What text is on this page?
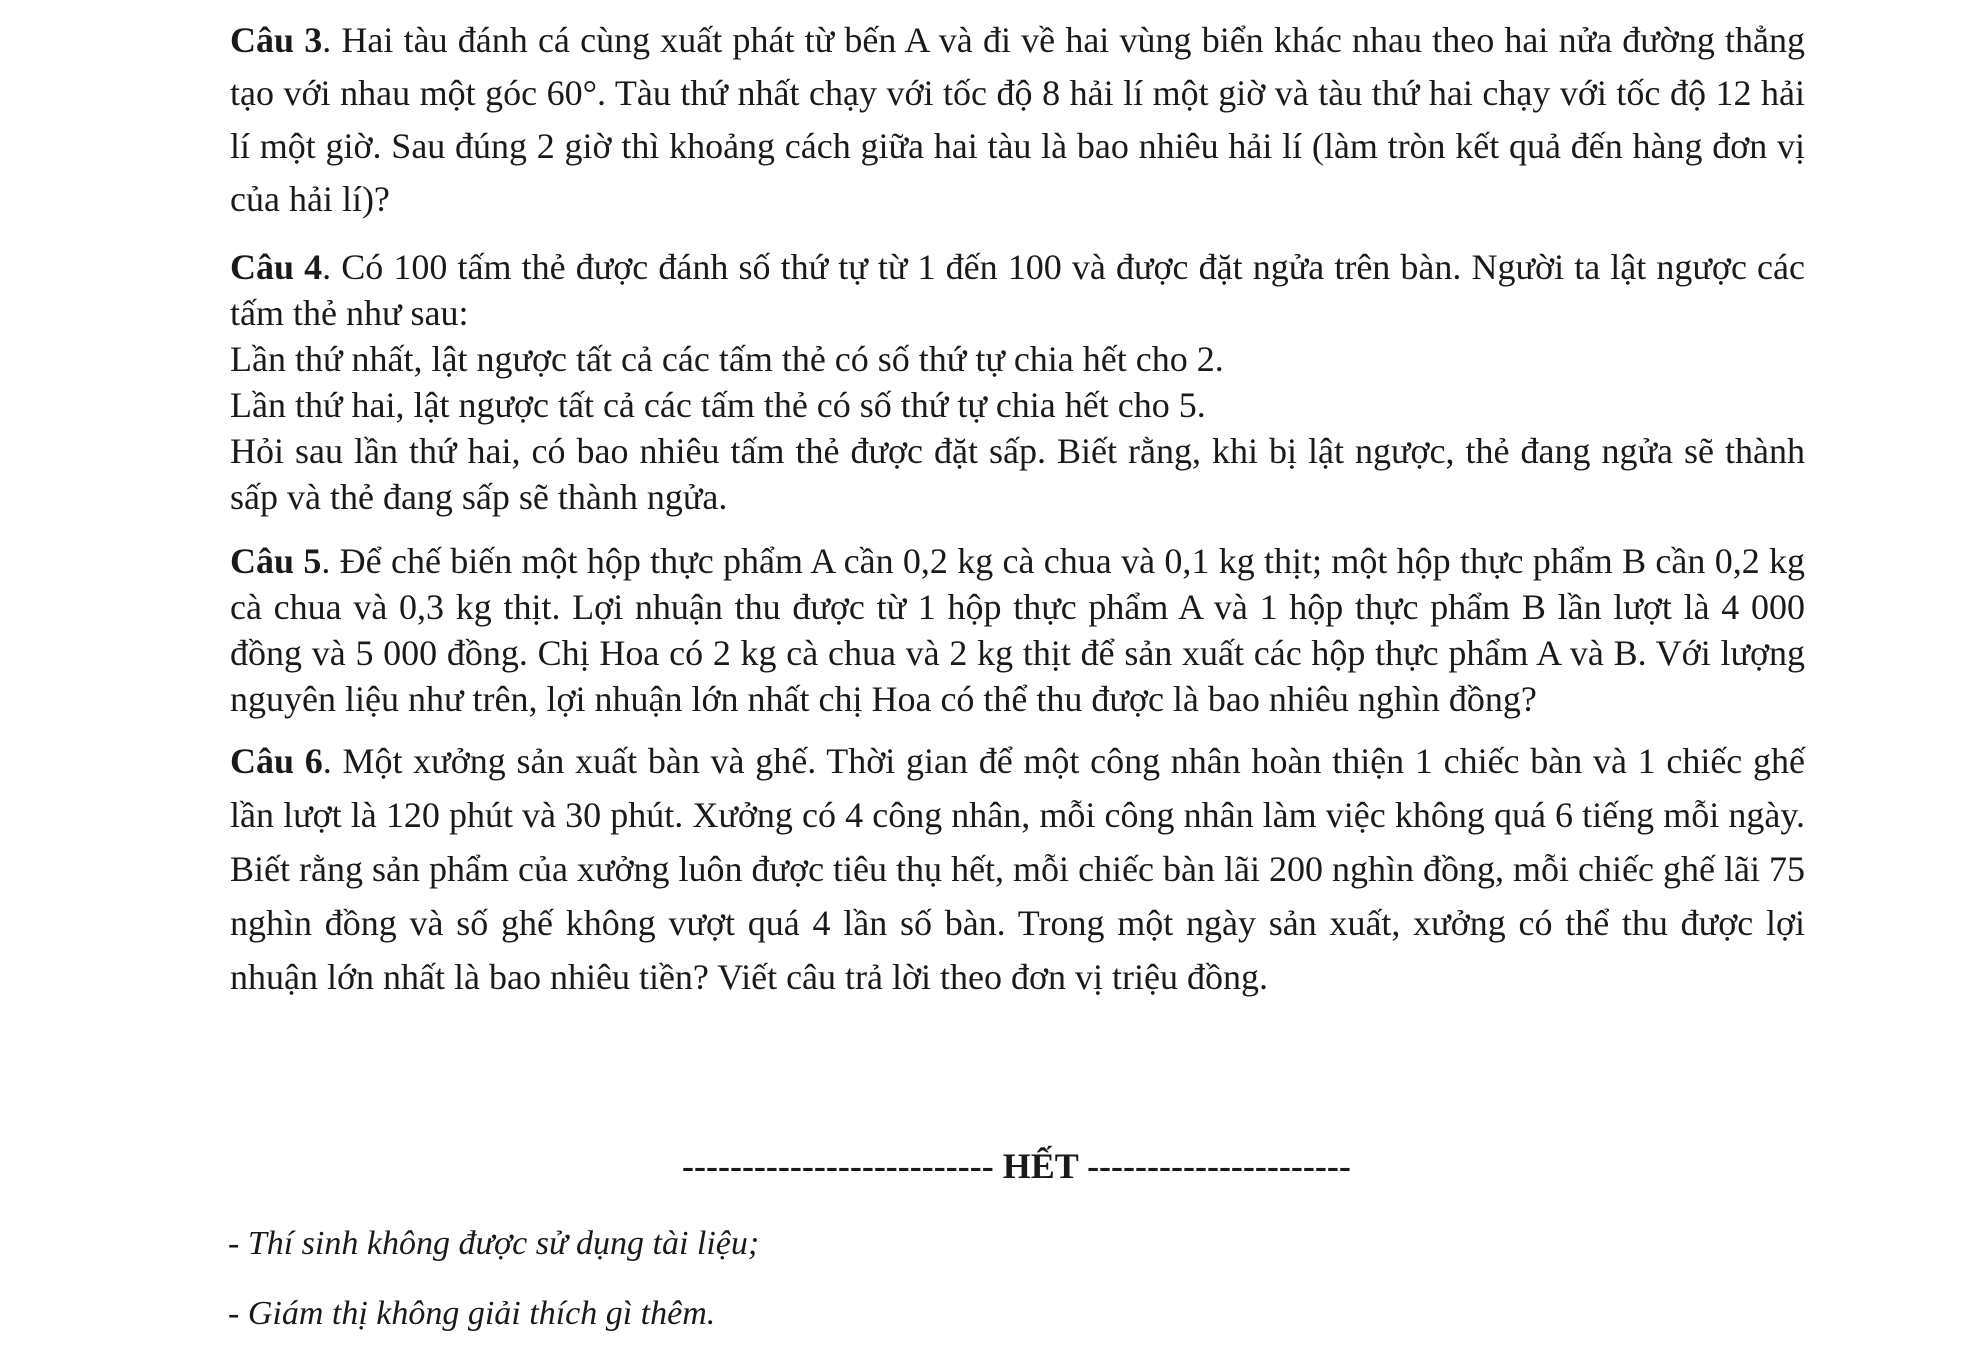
Câu 3. Hai tàu đánh cá cùng xuất phát từ bến A và đi về hai vùng biển khác nhau theo hai nửa đường thẳng tạo với nhau một góc 60°. Tàu thứ nhất chạy với tốc độ 8 hải lí một giờ và tàu thứ hai chạy với tốc độ 12 hải lí một giờ. Sau đúng 2 giờ thì khoảng cách giữa hai tàu là bao nhiêu hải lí (làm tròn kết quả đến hàng đơn vị của hải lí)?

Câu 4. Có 100 tấm thẻ được đánh số thứ tự từ 1 đến 100 và được đặt ngửa trên bàn. Người ta lật ngược các tấm thẻ như sau:
Lần thứ nhất, lật ngược tất cả các tấm thẻ có số thứ tự chia hết cho 2.
Lần thứ hai, lật ngược tất cả các tấm thẻ có số thứ tự chia hết cho 5.
Hỏi sau lần thứ hai, có bao nhiêu tấm thẻ được đặt sấp. Biết rằng, khi bị lật ngược, thẻ đang ngửa sẽ thành sấp và thẻ đang sấp sẽ thành ngửa.

Câu 5. Để chế biến một hộp thực phẩm A cần 0,2 kg cà chua và 0,1 kg thịt; một hộp thực phẩm B cần 0,2 kg cà chua và 0,3 kg thịt. Lợi nhuận thu được từ 1 hộp thực phẩm A và 1 hộp thực phẩm B lần lượt là 4 000 đồng và 5 000 đồng. Chị Hoa có 2 kg cà chua và 2 kg thịt để sản xuất các hộp thực phẩm A và B. Với lượng nguyên liệu như trên, lợi nhuận lớn nhất chị Hoa có thể thu được là bao nhiêu nghìn đồng?

Câu 6. Một xưởng sản xuất bàn và ghế. Thời gian để một công nhân hoàn thiện 1 chiếc bàn và 1 chiếc ghế lần lượt là 120 phút và 30 phút. Xưởng có 4 công nhân, mỗi công nhân làm việc không quá 6 tiếng mỗi ngày. Biết rằng sản phẩm của xưởng luôn được tiêu thụ hết, mỗi chiếc bàn lãi 200 nghìn đồng, mỗi chiếc ghế lãi 75 nghìn đồng và số ghế không vượt quá 4 lần số bàn. Trong một ngày sản xuất, xưởng có thể thu được lợi nhuận lớn nhất là bao nhiêu tiền? Viết câu trả lời theo đơn vị triệu đồng.

-------------------------- HẾT ----------------------
- Thí sinh không được sử dụng tài liệu;
- Giám thị không giải thích gì thêm.
